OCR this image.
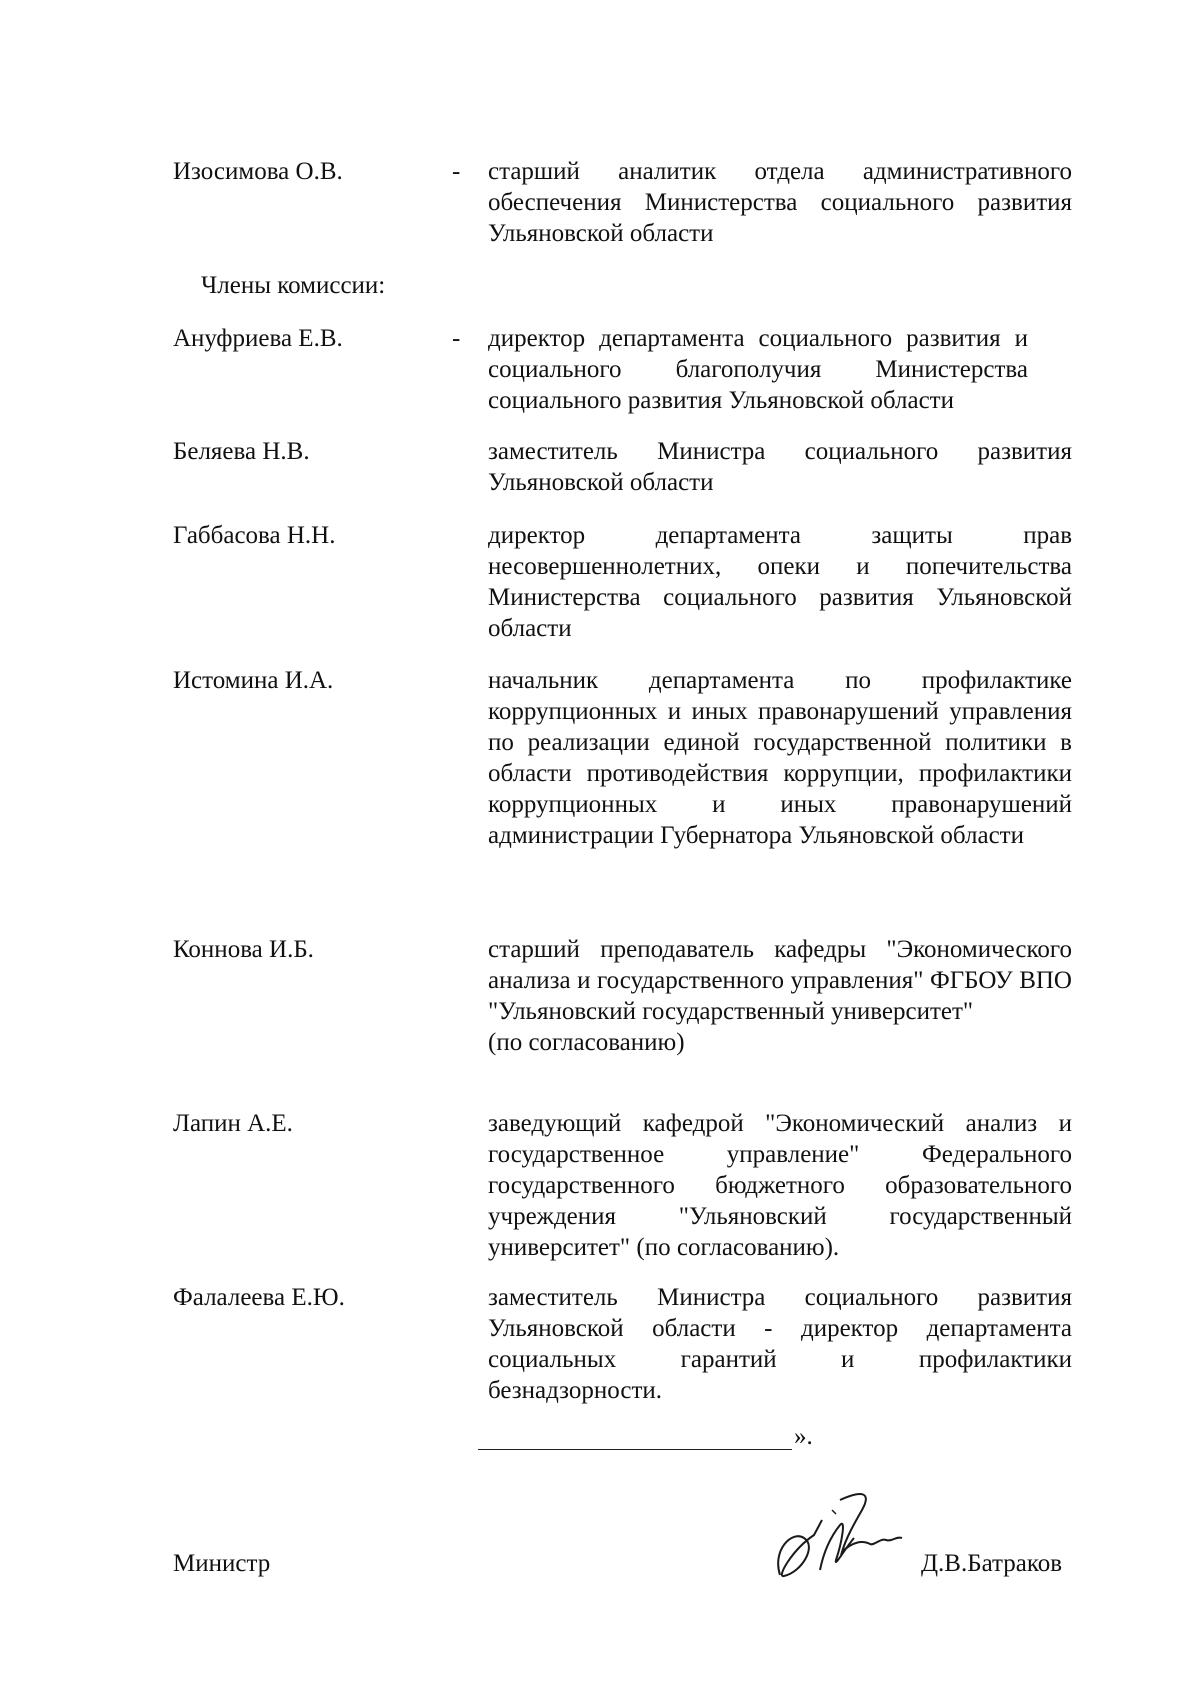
Изосимова О.В.	- старший аналитик отдела административного обеспечения Министерства социального развития Ульяновской области

Члены комиссии:
Ануфриева Е.В.	- директор департамента социального развития и социального благополучия Министерства социального развития Ульяновской области

Беляева Н.В.	заместитель Министра социального развития Ульяновской области

Габбасова Н.Н.	директор департамента защиты прав несовершеннолетних, опеки и попечительства Министерства социального развития Ульяновской области

Истомина И.А.	начальник департамента по профилактике коррупционных и иных правонарушений управления по реализации единой государственной политики в области противодействия коррупции, профилактики коррупционных и иных правонарушений администрации Губернатора Ульяновской области

Коннова И.Б.	старший преподаватель кафедры "Экономического анализа и государственного управления" ФГБОУ ВПО "Ульяновский государственный университет"

(по согласованию)

Лапин А.Е.	заведующий кафедрой "Экономический анализ и государственное управление" Федерального государственного бюджетного образовательного учреждения "Ульяновский государственный университет" (по согласованию).

Фалалеева Е.Ю.	заместитель Министра социального развития Ульяновской области - директор департамента социальных гарантий и профилактики безнадзорности.

».
Министр	Д.В.Батраков
